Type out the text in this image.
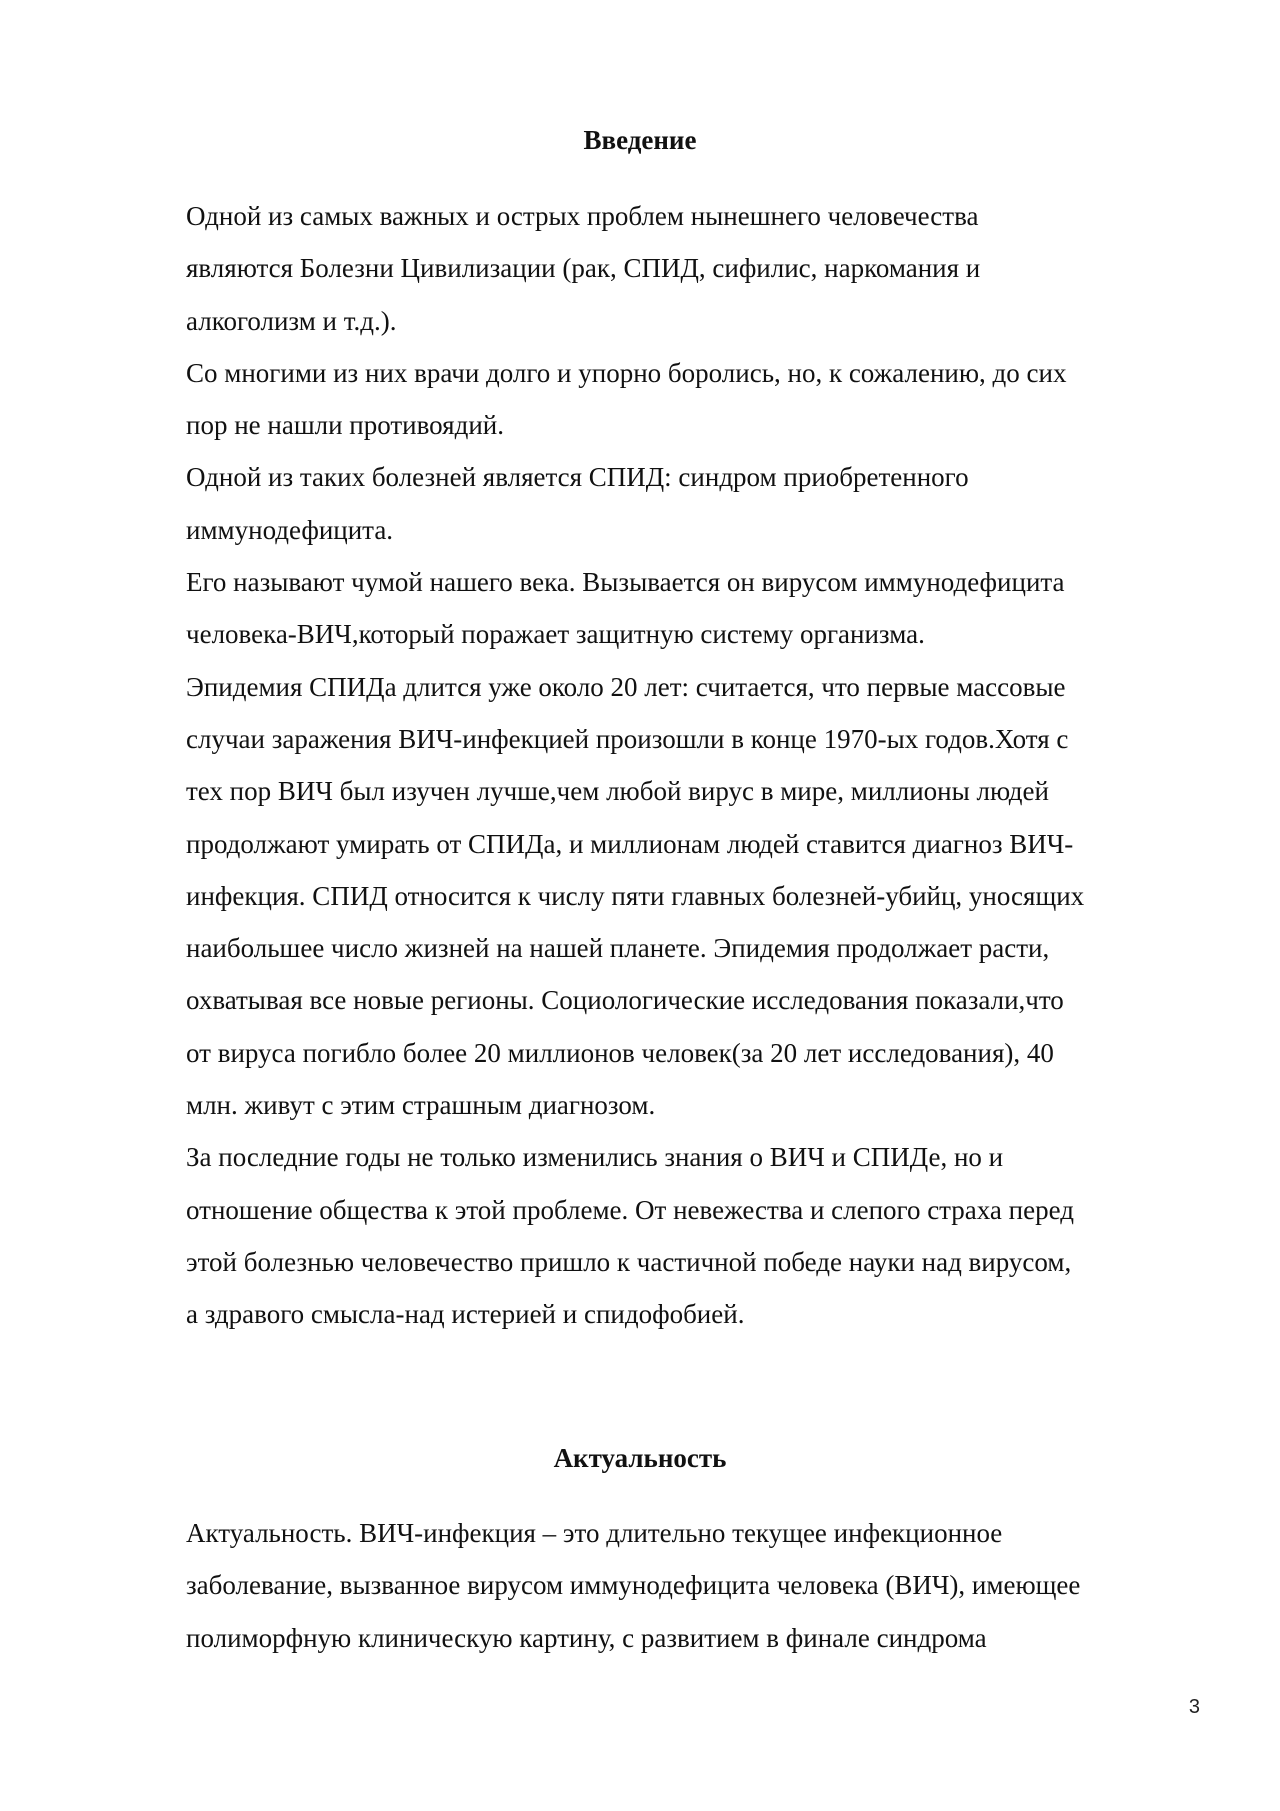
Введение
Одной из самых важных и острых проблем нынешнего человечества
являются Болезни Цивилизации (рак, СПИД, сифилис, наркомания и
алкоголизм и т.д.).
Со многими из них врачи долго и упорно боролись, но, к сожалению, до сих
пор не нашли противоядий.
Одной из таких болезней является СПИД: синдром приобретенного
иммунодефицита.
Его называют чумой нашего века. Вызывается он вирусом иммунодефицита
человека-ВИЧ,который поражает защитную систему организма.
Эпидемия СПИДа длится уже около 20 лет: считается, что первые массовые
случаи заражения ВИЧ-инфекцией произошли в конце 1970-ых годов.Хотя с
тех пор ВИЧ был изучен лучше,чем любой вирус в мире, миллионы людей
продолжают умирать от СПИДа, и миллионам людей ставится диагноз ВИЧ-
инфекция. СПИД относится к числу пяти главных болезней-убийц, уносящих
наибольшее число жизней на нашей планете. Эпидемия продолжает расти,
охватывая все новые регионы. Социологические исследования показали,что
от вируса погибло более 20 миллионов человек(за 20 лет исследования), 40
млн. живут с этим страшным диагнозом.
За последние годы не только изменились знания о ВИЧ и СПИДе, но и
отношение общества к этой проблеме. От невежества и слепого страха перед
этой болезнью человечество пришло к частичной победе науки над вирусом,
а здравого смысла-над истерией и спидофобией.
Актуальность
Актуальность. ВИЧ-инфекция – это длительно текущее инфекционное
заболевание, вызванное вирусом иммунодефицита человека (ВИЧ), имеющее
полиморфную клиническую картину, с развитием в финале синдрома
3
